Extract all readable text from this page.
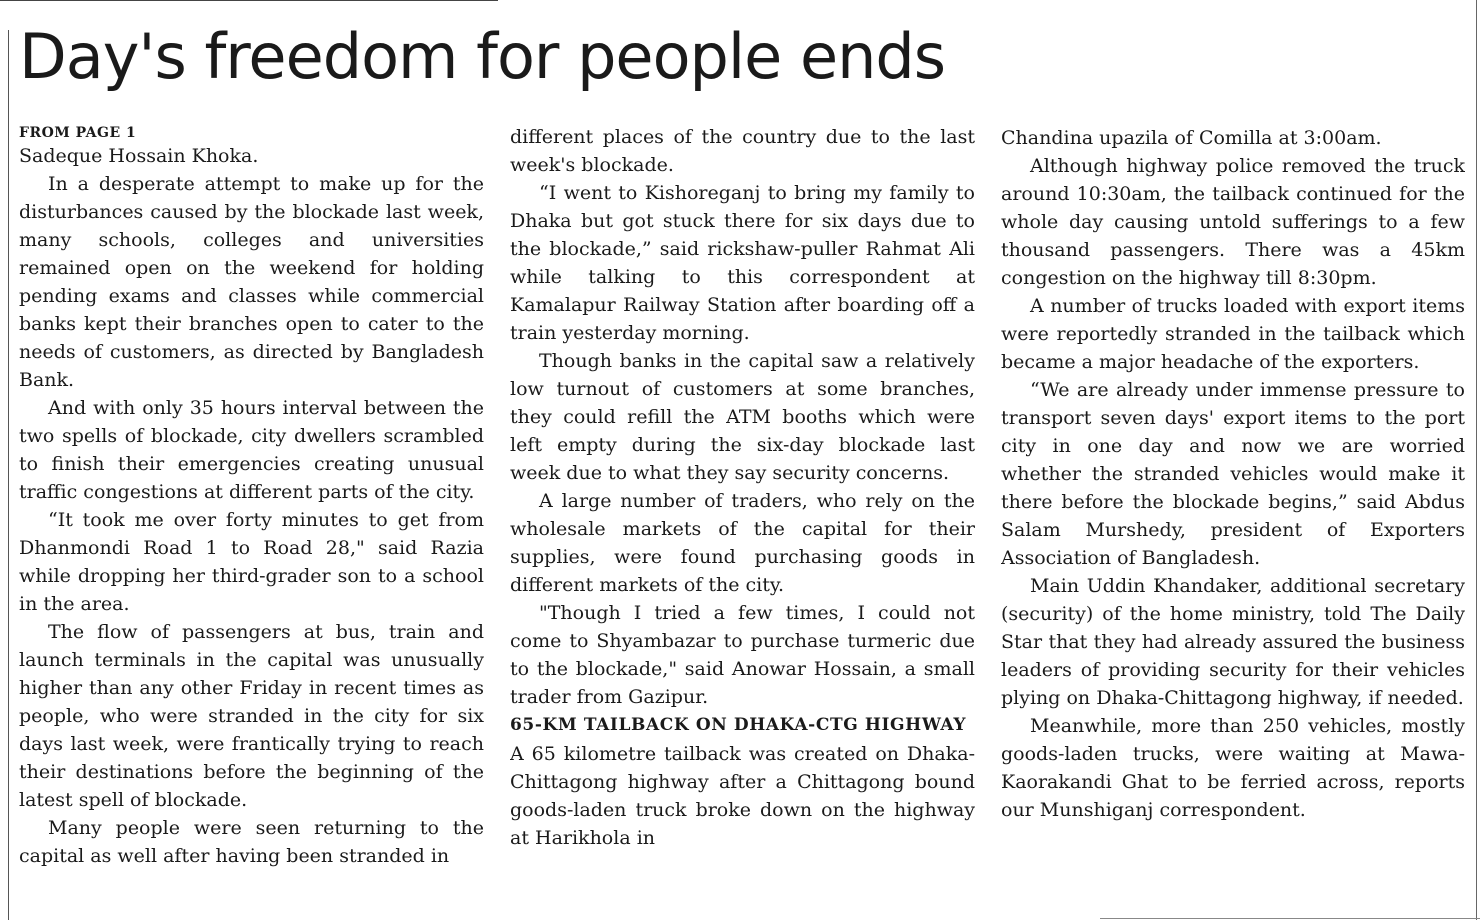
Day's freedom for people ends

FROM PAGE 1

Sadeque Hossain Khoka.

In a desperate attempt to make up for the disturbances caused by the blockade last week, many schools, colleges and universities remained open on the weekend for holding pending exams and classes while commercial banks kept their branches open to cater to the needs of customers, as directed by Bangladesh Bank.

And with only 35 hours interval between the two spells of blockade, city dwellers scrambled to finish their emergencies creating unusual traffic congestions at different parts of the city.

“It took me over forty minutes to get from Dhanmondi Road 1 to Road 28," said Razia while dropping her third-grader son to a school in the area.

The flow of passengers at bus, train and launch terminals in the capital was unusually higher than any other Friday in recent times as people, who were stranded in the city for six days last week, were frantically trying to reach their destinations before the beginning of the latest spell of blockade.

Many people were seen returning to the capital as well after having been stranded in

different places of the country due to the last week's blockade.

“I went to Kishoreganj to bring my family to Dhaka but got stuck there for six days due to the blockade,” said rickshaw-puller Rahmat Ali while talking to this correspondent at Kamalapur Railway Station after boarding off a train yesterday morning.

Though banks in the capital saw a relatively low turnout of customers at some branches, they could refill the ATM booths which were left empty during the six-day blockade last week due to what they say security concerns.

A large number of traders, who rely on the wholesale markets of the capital for their supplies, were found purchasing goods in different markets of the city.

"Though I tried a few times, I could not come to Shyambazar to purchase turmeric due to the blockade," said Anowar Hossain, a small trader from Gazipur.

65-KM TAILBACK ON DHAKA-CTG HIGHWAY

A 65 kilometre tailback was created on Dhaka-Chittagong highway after a Chittagong bound goods-laden truck broke down on the highway at Harikhola in

Chandina upazila of Comilla at 3:00am.

Although highway police removed the truck around 10:30am, the tailback continued for the whole day causing untold sufferings to a few thousand passengers. There was a 45km congestion on the highway till 8:30pm.

A number of trucks loaded with export items were reportedly stranded in the tailback which became a major headache of the exporters.

“We are already under immense pressure to transport seven days' export items to the port city in one day and now we are worried whether the stranded vehicles would make it there before the blockade begins,” said Abdus Salam Murshedy, president of Exporters Association of Bangladesh.

Main Uddin Khandaker, additional secretary (security) of the home ministry, told The Daily Star that they had already assured the business leaders of providing security for their vehicles plying on Dhaka-Chittagong highway, if needed.

Meanwhile, more than 250 vehicles, mostly goods-laden trucks, were waiting at Mawa-Kaorakandi Ghat to be ferried across, reports our Munshiganj correspondent.
